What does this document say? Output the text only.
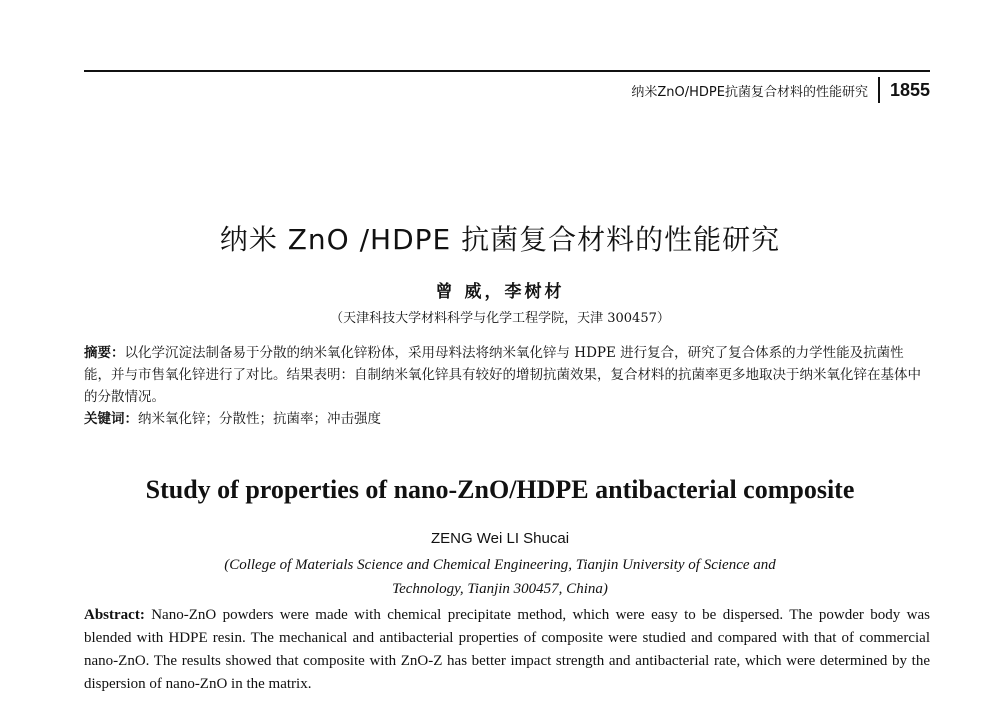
纳米ZnO/HDPE抗菌复合材料的性能研究 1855
纳米 ZnO /HDPE 抗菌复合材料的性能研究
曾 威，李树材
（天津科技大学材料科学与化学工程学院，天津 300457）
摘要：以化学沉淀法制备易于分散的纳米氧化锌粉体，采用母料法将纳米氧化锌与 HDPE 进行复合，研究了复合体系的力学性能及抗菌性能，并与市售氧化锌进行了对比。结果表明：自制纳米氧化锌具有较好的增韧抗菌效果，复合材料的抗菌率更多地取决于纳米氧化锌在基体中的分散情况。
关键词：纳米氧化锌；分散性；抗菌率；冲击强度
Study of properties of nano-ZnO/HDPE antibacterial composite
ZENG Wei LI Shucai
(College of Materials Science and Chemical Engineering, Tianjin University of Science and
Technology, Tianjin 300457, China)
Abstract: Nano-ZnO powders were made with chemical precipitate method, which were easy to be dispersed. The powder body was blended with HDPE resin. The mechanical and antibacterial properties of composite were studied and compared with that of commercial nano-ZnO. The results showed that composite with ZnO-Z has better impact strength and antibacterial rate, which were determined by the dispersion of nano-ZnO in the matrix.
